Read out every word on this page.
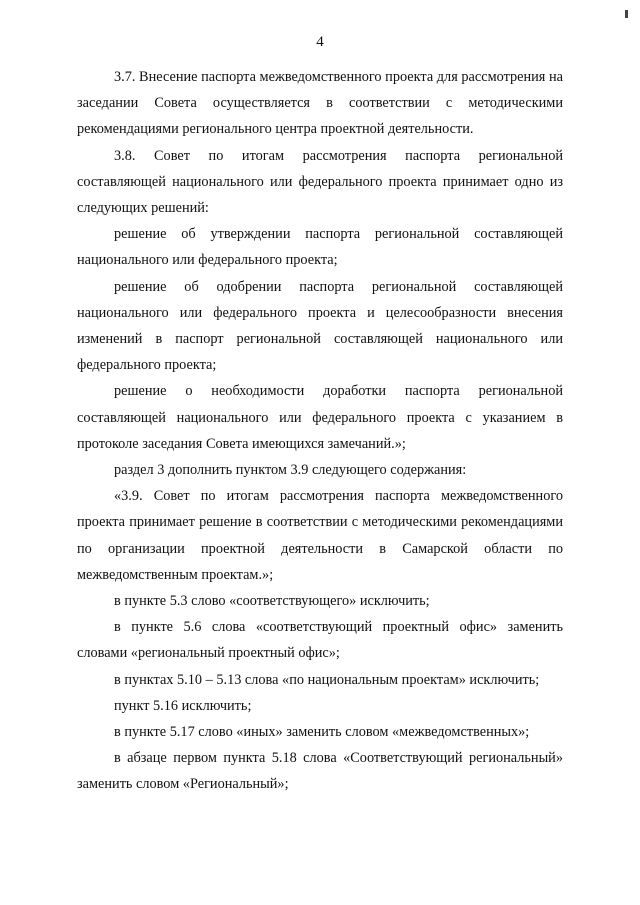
4

3.7. Внесение паспорта межведомственного проекта для рассмотрения на заседании Совета осуществляется в соответствии с методическими рекомендациями регионального центра проектной деятельности.

3.8. Совет по итогам рассмотрения паспорта региональной составляющей национального или федерального проекта принимает одно из следующих решений:

решение об утверждении паспорта региональной составляющей национального или федерального проекта;

решение об одобрении паспорта региональной составляющей национального или федерального проекта и целесообразности внесения изменений в паспорт региональной составляющей национального или федерального проекта;

решение о необходимости доработки паспорта региональной составляющей национального или федерального проекта с указанием в протоколе заседания Совета имеющихся замечаний.»;

раздел 3 дополнить пунктом 3.9 следующего содержания:

«3.9. Совет по итогам рассмотрения паспорта межведомственного проекта принимает решение в соответствии с методическими рекомендациями по организации проектной деятельности в Самарской области по межведомственным проектам.»;

в пункте 5.3 слово «соответствующего» исключить;

в пункте 5.6 слова «соответствующий проектный офис» заменить словами «региональный проектный офис»;

в пунктах 5.10 – 5.13 слова «по национальным проектам» исключить;

пункт 5.16 исключить;

в пункте 5.17 слово «иных» заменить словом «межведомственных»;

в абзаце первом пункта 5.18 слова «Соответствующий региональный» заменить словом «Региональный»;
